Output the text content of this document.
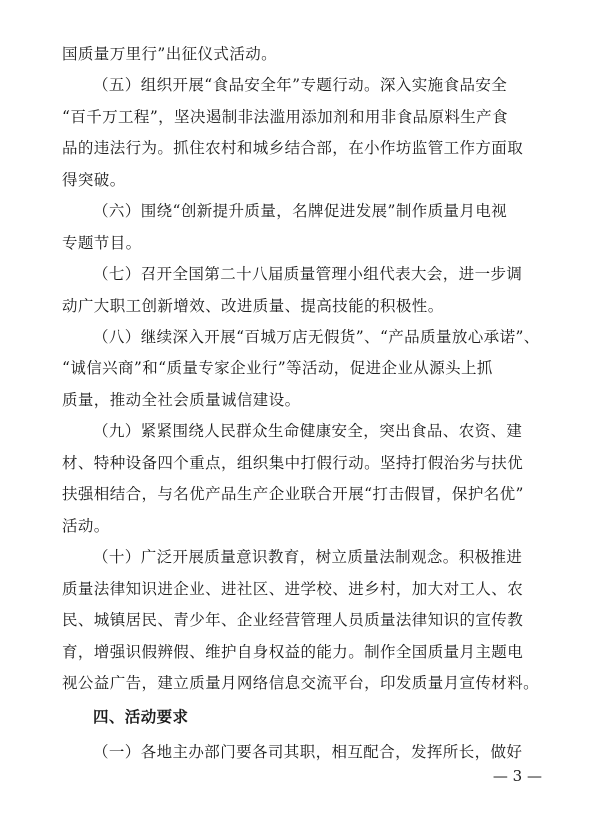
国质量万里行”出征仪式活动。
（五）组织开展“食品安全年”专题行动。深入实施食品安全
“百千万工程”，坚决遏制非法滥用添加剂和用非食品原料生产食
品的违法行为。抓住农村和城乡结合部，在小作坊监管工作方面取
得突破。
（六）围绕“创新提升质量，名牌促进发展”制作质量月电视
专题节目。
（七）召开全国第二十八届质量管理小组代表大会，进一步调
动广大职工创新增效、改进质量、提高技能的积极性。
（八）继续深入开展“百城万店无假货”、“产品质量放心承诺”、
“诚信兴商”和“质量专家企业行”等活动，促进企业从源头上抓
质量，推动全社会质量诚信建设。
（九）紧紧围绕人民群众生命健康安全，突出食品、农资、建
材、特种设备四个重点，组织集中打假行动。坚持打假治劣与扶优
扶强相结合，与名优产品生产企业联合开展“打击假冒，保护名优”
活动。
（十）广泛开展质量意识教育，树立质量法制观念。积极推进
质量法律知识进企业、进社区、进学校、进乡村，加大对工人、农
民、城镇居民、青少年、企业经营管理人员质量法律知识的宣传教
育，增强识假辨假、维护自身权益的能力。制作全国质量月主题电
视公益广告，建立质量月网络信息交流平台，印发质量月宣传材料。
四、活动要求
（一）各地主办部门要各司其职，相互配合，发挥所长，做好
— 3 —
